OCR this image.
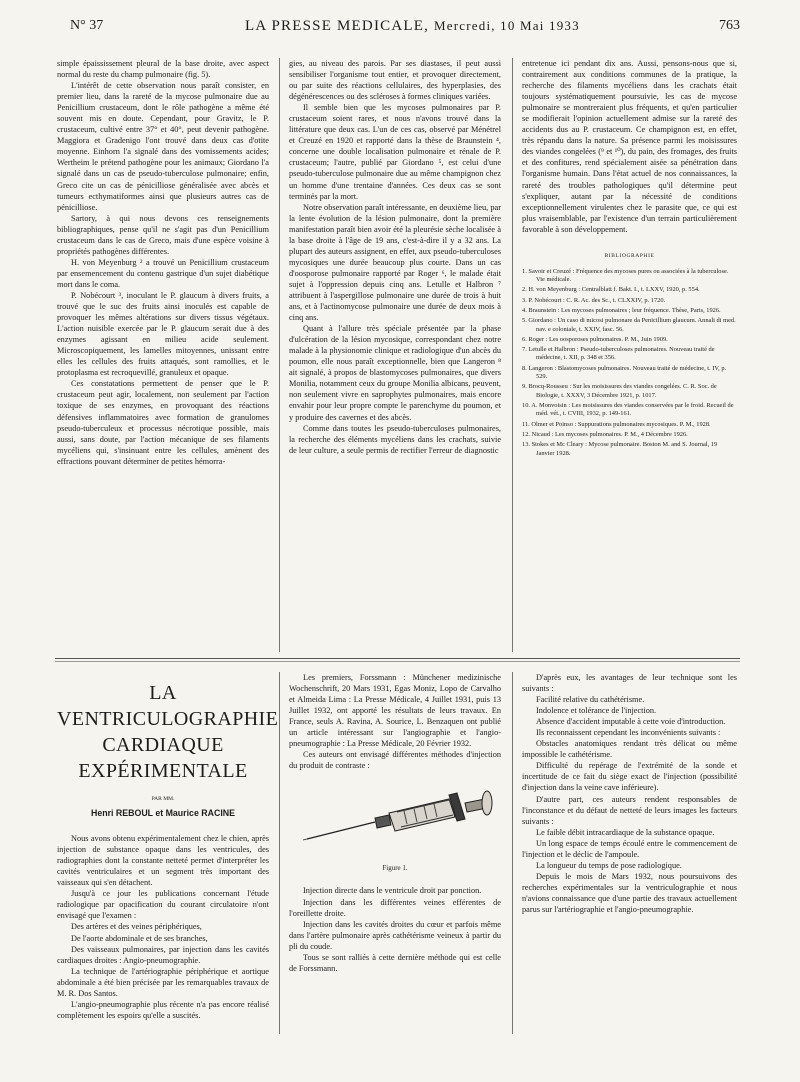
N° 37	LA PRESSE MEDICALE, Mercredi, 10 Mai 1933	763

simple épaississement pleural de la base droite, avec aspect normal du reste du champ pulmonaire (fig. 5).

L'intérêt de cette observation nous paraît consister, en premier lieu, dans la rareté de la mycose pulmonaire due au Penicillium crustaceum, dont le rôle pathogène a même été souvent mis en doute. Cependant, pour Gravitz, le P. crustaceum, cultivé entre 37° et 40°, peut devenir pathogène. Maggiora et Gradenigo l'ont trouvé dans deux cas d'otite moyenne. Einhorn l'a signalé dans des vomissements acides; Wertheim le prétend pathogène pour les animaux; Giordano l'a signalé dans un cas de pseudo-tuberculose pulmonaire; enfin, Greco cite un cas de pénicilliose généralisée avec abcès et tumeurs ecthymatiformes ainsi que plusieurs autres cas de pénicilliose.

Sartory, à qui nous devons ces renseignements bibliographiques, pense qu'il ne s'agit pas d'un Penicillium crustaceum dans le cas de Greco, mais d'une espèce voisine à propriétés pathogènes différentes.

H. von Meyenburg ² a trouvé un Penicillium crustaceum par ensemencement du contenu gastrique d'un sujet diabétique mort dans le coma.

P. Nobécourt ³, inoculant le P. glaucum à divers fruits, a trouvé que le suc des fruits ainsi inoculés est capable de provoquer les mêmes altérations sur divers tissus végétaux. L'action nuisible exercée par le P. glaucum serait due à des enzymes agissant en milieu acide seulement. Microscopiquement, les lamelles mitoyennes, unissant entre elles les cellules des fruits attaqués, sont ramollies, et le protoplasma est recroquevillé, granuleux et opaque.

Ces constatations permettent de penser que le P. crustaceum peut agir, localement, non seulement par l'action toxique de ses enzymes, en provoquant des réactions défensives inflammatoires avec formation de granulomes pseudo-tuberculeux et processus nécrotique possible, mais aussi, sans doute, par l'action mécanique de ses filaments mycéliens qui, s'insinuant entre les cellules, amènent des effractions pouvant déterminer de petites hémorra-

gies, au niveau des parois. Par ses diastases, il peut aussi sensibiliser l'organisme tout entier, et provoquer directement, ou par suite des réactions cellulaires, des hyperplasies, des dégénérescences ou des scléroses à formes cliniques variées.

Il semble bien que les mycoses pulmonaires par P. crustaceum soient rares, et nous n'avons trouvé dans la littérature que deux cas. L'un de ces cas, observé par Ménétrel et Creuzé en 1920 et rapporté dans la thèse de Braunstein ⁴, concerne une double localisation pulmonaire et rénale de P. crustaceum; l'autre, publié par Giordano ⁵, est celui d'une pseudo-tuberculose pulmonaire due au même champignon chez un homme d'une trentaine d'années. Ces deux cas se sont terminés par la mort.

Notre observation paraît intéressante, en deuxième lieu, par la lente évolution de la lésion pulmonaire, dont la première manifestation paraît bien avoir été la pleurésie sèche localisée à la base droite à l'âge de 19 ans, c'est-à-dire il y a 32 ans. La plupart des auteurs assignent, en effet, aux pseudo-tuberculoses mycosiques une durée beaucoup plus courte. Dans un cas d'oosporose pulmonaire rapporté par Roger ⁶, le malade était sujet à l'oppression depuis cinq ans. Letulle et Halbron ⁷ attribuent à l'aspergillose pulmonaire une durée de trois à huit ans, et à l'actinomycose pulmonaire une durée de deux mois à cinq ans.

Quant à l'allure très spéciale présentée par la phase d'ulcération de la lésion mycosique, correspondant chez notre malade à la physionomie clinique et radiologique d'un abcès du poumon, elle nous paraît exceptionnelle, bien que Langeron ⁸ ait signalé, à propos de blastomycoses pulmonaires, que divers Monilia, notamment ceux du groupe Monilia albicans, peuvent, non seulement vivre en saprophytes pulmonaires, mais encore envahir pour leur propre compte le parenchyme du poumon, et y produire des cavernes et des abcès.

Comme dans toutes les pseudo-tuberculoses pulmonaires, la recherche des éléments mycéliens dans les crachats, suivie de leur culture, a seule permis de rectifier l'erreur de diagnostic

entretenue ici pendant dix ans. Aussi, pensons-nous que si, contrairement aux conditions communes de la pratique, la recherche des filaments mycéliens dans les crachats était toujours systématiquement poursuivie, les cas de mycose pulmonaire se montreraient plus fréquents, et qu'en particulier se modifierait l'opinion actuellement admise sur la rareté des accidents dus au P. crustaceum. Ce champignon est, en effet, très répandu dans la nature. Sa présence parmi les moisissures des viandes congelées (⁹ et ¹⁰), du pain, des fromages, des fruits et des confitures, rend spécialement aisée sa pénétration dans l'organisme humain. Dans l'état actuel de nos connaissances, la rareté des troubles pathologiques qu'il détermine peut s'expliquer, autant par la nécessité de conditions exceptionnellement virulentes chez le parasite que, ce qui est plus vraisemblable, par l'existence d'un terrain particulièrement favorable à son développement.

BIBLIOGRAPHIE
1. Savoir et Creuzé : Fréquence des mycoses pures ou associées à la tuberculose. Vie médicale.
2. H. von Meyenburg : Centralblatt f. Bakt. I., t. LXXV, 1920, p. 554.
3. P. Nobécourt : C. R. Ac. des Sc., t. CLXXIV, p. 1720.
4. Braunstein : Les mycoses pulmonaires ; leur fréquence. Thèse, Paris, 1926.
5. Giordano : Un caso di micosi pulmonare da Penicillium glaucum. Annali di med. nav. e coloniale, t. XXIV, fasc. 56.
6. Roger : Les oosporoses pulmonaires. P. M., Juin 1909.
7. Letulle et Halbron : Pseudo-tuberculoses pulmonaires. Nouveau traité de médecine, t. XII, p. 348 et 356.
8. Langeron : Blastomycoses pulmonaires. Nouveau traité de médecine, t. IV, p. 529.
9. Brocq-Rousseu : Sur les moisissures des viandes congelées. C. R. Soc. de Biologie, t. XXXV, 3 Décembre 1921, p. 1017.
10. A. Monvoisin : Les moisissures des viandes conservées par le froid. Recueil de méd. vét., t. CVIII, 1932, p. 149-161.
11. Olmer et Poinso : Suppurations pulmonaires mycosiques. P. M., 1928.
12. Nicaud : Les mycoses pulmonaires. P. M., 4 Décembre 1926.
13. Stokes et Mc Cleary : Mycose pulmonaire. Boston M. and S. Journal, 19 Janvier 1928.
LA VENTRICULOGRAPHIE
CARDIAQUE EXPÉRIMENTALE
PAR MM.
Henri REBOUL et Maurice RACINE

Nous avons obtenu expérimentalement chez le chien, après injection de substance opaque dans les ventricules, des radiographies dont la constante netteté permet d'interpréter les cavités ventriculaires et un segment très important des vaisseaux qui s'en détachent.

Jusqu'à ce jour les publications concernant l'étude radiologique par opacification du courant circulatoire n'ont envisagé que l'examen :

Des artères et des veines périphériques,

De l'aorte abdominale et de ses branches,

Des vaisseaux pulmonaires, par injection dans les cavités cardiaques droites : Angio-pneumographie.

La technique de l'artériographie périphérique et aortique abdominale a été bien précisée par les remarquables travaux de M. R. Dos Santos.

L'angio-pneumographie plus récente n'a pas encore réalisé complètement les espoirs qu'elle a suscités.

Les premiers, Forssmann : Münchener medizinische Wochenschrift, 20 Mars 1931, Egas Moniz, Lopo de Carvalho et Almeida Lima : La Presse Médicale, 4 Juillet 1931, puis 13 Juillet 1932, ont apporté les résultats de leurs travaux. En France, seuls A. Ravina, A. Sourice, L. Benzaquen ont publié un article intéressant sur l'angiographie et l'angio-pneumographie : La Presse Médicale, 20 Février 1932.

Ces auteurs ont envisagé différentes méthodes d'injection du produit de contraste :

Figure 1.

Injection directe dans le ventricule droit par ponction.

Injection dans les différentes veines efférentes de l'oreillette droite.

Injection dans les cavités droites du cœur et parfois même dans l'artère pulmonaire après cathétérisme veineux à partir du pli du coude.

Tous se sont ralliés à cette dernière méthode qui est celle de Forssmann.

D'après eux, les avantages de leur technique sont les suivants :

Facilité relative du cathétérisme.

Indolence et tolérance de l'injection.

Absence d'accident imputable à cette voie d'introduction.

Ils reconnaissent cependant les inconvénients suivants :

Obstacles anatomiques rendant très délicat ou même impossible le cathétérisme.

Difficulté du repérage de l'extrémité de la sonde et incertitude de ce fait du siège exact de l'injection (possibilité d'injection dans la veine cave inférieure).

D'autre part, ces auteurs rendent responsables de l'inconstance et du défaut de netteté de leurs images les facteurs suivants :

Le faible débit intracardiaque de la substance opaque.

Un long espace de temps écoulé entre le commencement de l'injection et le déclic de l'ampoule.

La longueur du temps de pose radiologique.

Depuis le mois de Mars 1932, nous poursuivons des recherches expérimentales sur la ventriculographie et nous n'avions connaissance que d'une partie des travaux actuellement parus sur l'artériographie et l'angio-pneumographie.
